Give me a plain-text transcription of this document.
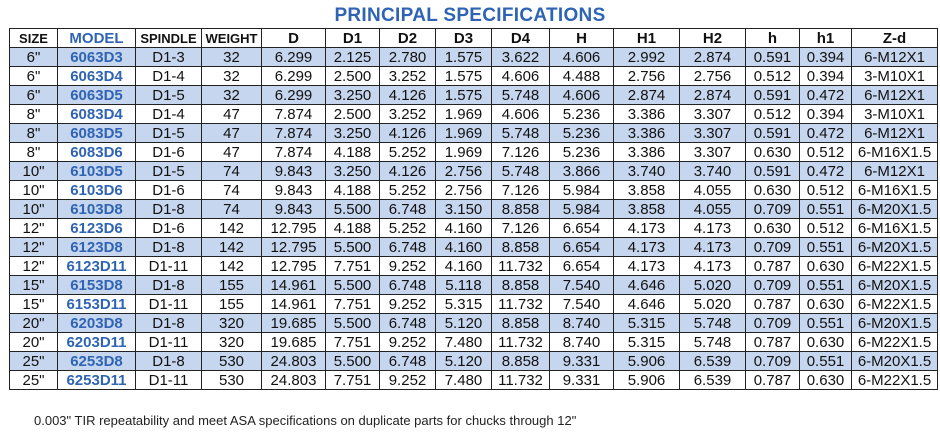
PRINCIPAL SPECIFICATIONS
SIZE	MODEL	SPINDLE	WEIGHT	D	D1	D2	D3	D4	H	H1	H2	h	h1	Z-d
6"	6063D3	D1-3	32	6.299	2.125	2.780	1.575	3.622	4.606	2.992	2.874	0.591	0.394	6-M12X1
6"	6063D4	D1-4	32	6.299	2.500	3.252	1.575	4.606	4.488	2.756	2.756	0.512	0.394	3-M10X1
6"	6063D5	D1-5	32	6.299	3.250	4.126	1.575	5.748	4.606	2.874	2.874	0.591	0.472	6-M12X1
8"	6083D4	D1-4	47	7.874	2.500	3.252	1.969	4.606	5.236	3.386	3.307	0.512	0.394	3-M10X1
8"	6083D5	D1-5	47	7.874	3.250	4.126	1.969	5.748	5.236	3.386	3.307	0.591	0.472	6-M12X1
8"	6083D6	D1-6	47	7.874	4.188	5.252	1.969	7.126	5.236	3.386	3.307	0.630	0.512	6-M16X1.5
10"	6103D5	D1-5	74	9.843	3.250	4.126	2.756	5.748	3.866	3.740	3.740	0.591	0.472	6-M12X1
10"	6103D6	D1-6	74	9.843	4.188	5.252	2.756	7.126	5.984	3.858	4.055	0.630	0.512	6-M16X1.5
10"	6103D8	D1-8	74	9.843	5.500	6.748	3.150	8.858	5.984	3.858	4.055	0.709	0.551	6-M20X1.5
12"	6123D6	D1-6	142	12.795	4.188	5.252	4.160	7.126	6.654	4.173	4.173	0.630	0.512	6-M16X1.5
12"	6123D8	D1-8	142	12.795	5.500	6.748	4.160	8.858	6.654	4.173	4.173	0.709	0.551	6-M20X1.5
12"	6123D11	D1-11	142	12.795	7.751	9.252	4.160	11.732	6.654	4.173	4.173	0.787	0.630	6-M22X1.5
15"	6153D8	D1-8	155	14.961	5.500	6.748	5.118	8.858	7.540	4.646	5.020	0.709	0.551	6-M20X1.5
15"	6153D11	D1-11	155	14.961	7.751	9.252	5.315	11.732	7.540	4.646	5.020	0.787	0.630	6-M22X1.5
20"	6203D8	D1-8	320	19.685	5.500	6.748	5.120	8.858	8.740	5.315	5.748	0.709	0.551	6-M20X1.5
20"	6203D11	D1-11	320	19.685	7.751	9.252	7.480	11.732	8.740	5.315	5.748	0.787	0.630	6-M22X1.5
25"	6253D8	D1-8	530	24.803	5.500	6.748	5.120	8.858	9.331	5.906	6.539	0.709	0.551	6-M20X1.5
25"	6253D11	D1-11	530	24.803	7.751	9.252	7.480	11.732	9.331	5.906	6.539	0.787	0.630	6-M22X1.5
0.003" TIR repeatability and meet ASA specifications on duplicate parts for chucks through 12"
